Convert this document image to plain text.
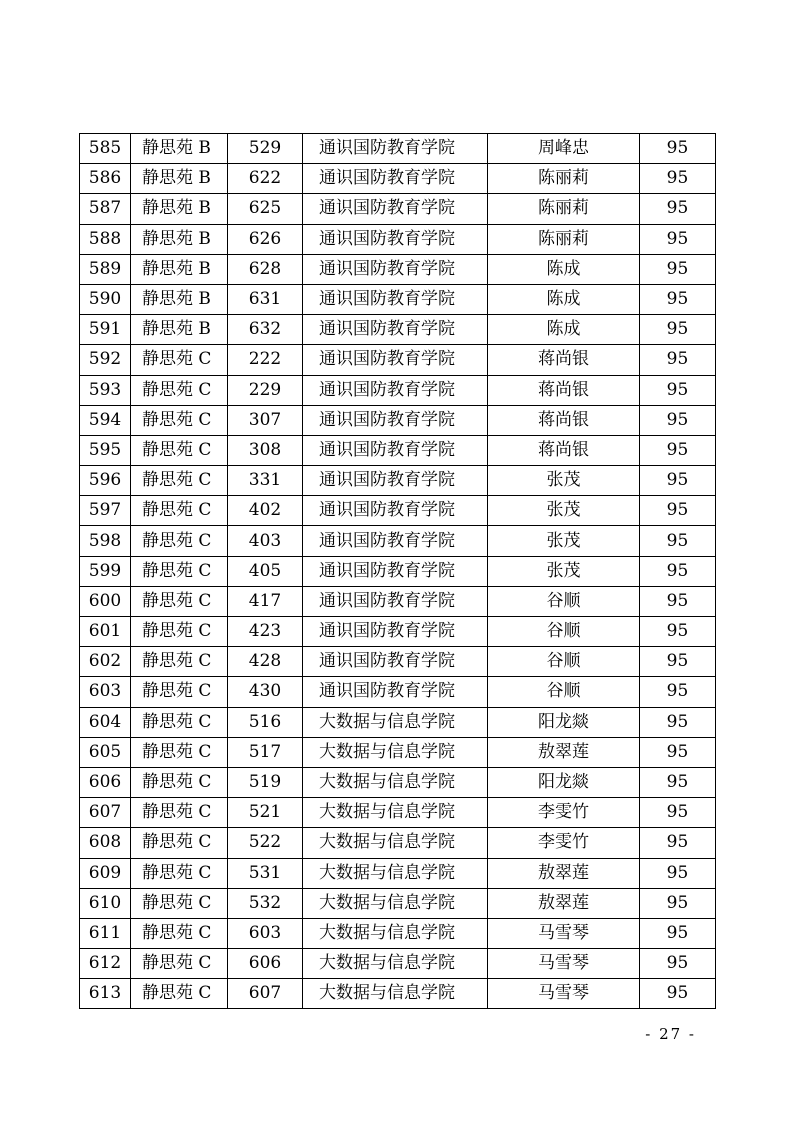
585	静思苑 B	529	通识国防教育学院	周峰忠	95
586	静思苑 B	622	通识国防教育学院	陈丽莉	95
587	静思苑 B	625	通识国防教育学院	陈丽莉	95
588	静思苑 B	626	通识国防教育学院	陈丽莉	95
589	静思苑 B	628	通识国防教育学院	陈成	95
590	静思苑 B	631	通识国防教育学院	陈成	95
591	静思苑 B	632	通识国防教育学院	陈成	95
592	静思苑 C	222	通识国防教育学院	蒋尚银	95
593	静思苑 C	229	通识国防教育学院	蒋尚银	95
594	静思苑 C	307	通识国防教育学院	蒋尚银	95
595	静思苑 C	308	通识国防教育学院	蒋尚银	95
596	静思苑 C	331	通识国防教育学院	张茂	95
597	静思苑 C	402	通识国防教育学院	张茂	95
598	静思苑 C	403	通识国防教育学院	张茂	95
599	静思苑 C	405	通识国防教育学院	张茂	95
600	静思苑 C	417	通识国防教育学院	谷顺	95
601	静思苑 C	423	通识国防教育学院	谷顺	95
602	静思苑 C	428	通识国防教育学院	谷顺	95
603	静思苑 C	430	通识国防教育学院	谷顺	95
604	静思苑 C	516	大数据与信息学院	阳龙燚	95
605	静思苑 C	517	大数据与信息学院	敖翠莲	95
606	静思苑 C	519	大数据与信息学院	阳龙燚	95
607	静思苑 C	521	大数据与信息学院	李雯竹	95
608	静思苑 C	522	大数据与信息学院	李雯竹	95
609	静思苑 C	531	大数据与信息学院	敖翠莲	95
610	静思苑 C	532	大数据与信息学院	敖翠莲	95
611	静思苑 C	603	大数据与信息学院	马雪琴	95
612	静思苑 C	606	大数据与信息学院	马雪琴	95
613	静思苑 C	607	大数据与信息学院	马雪琴	95
- 27 -
